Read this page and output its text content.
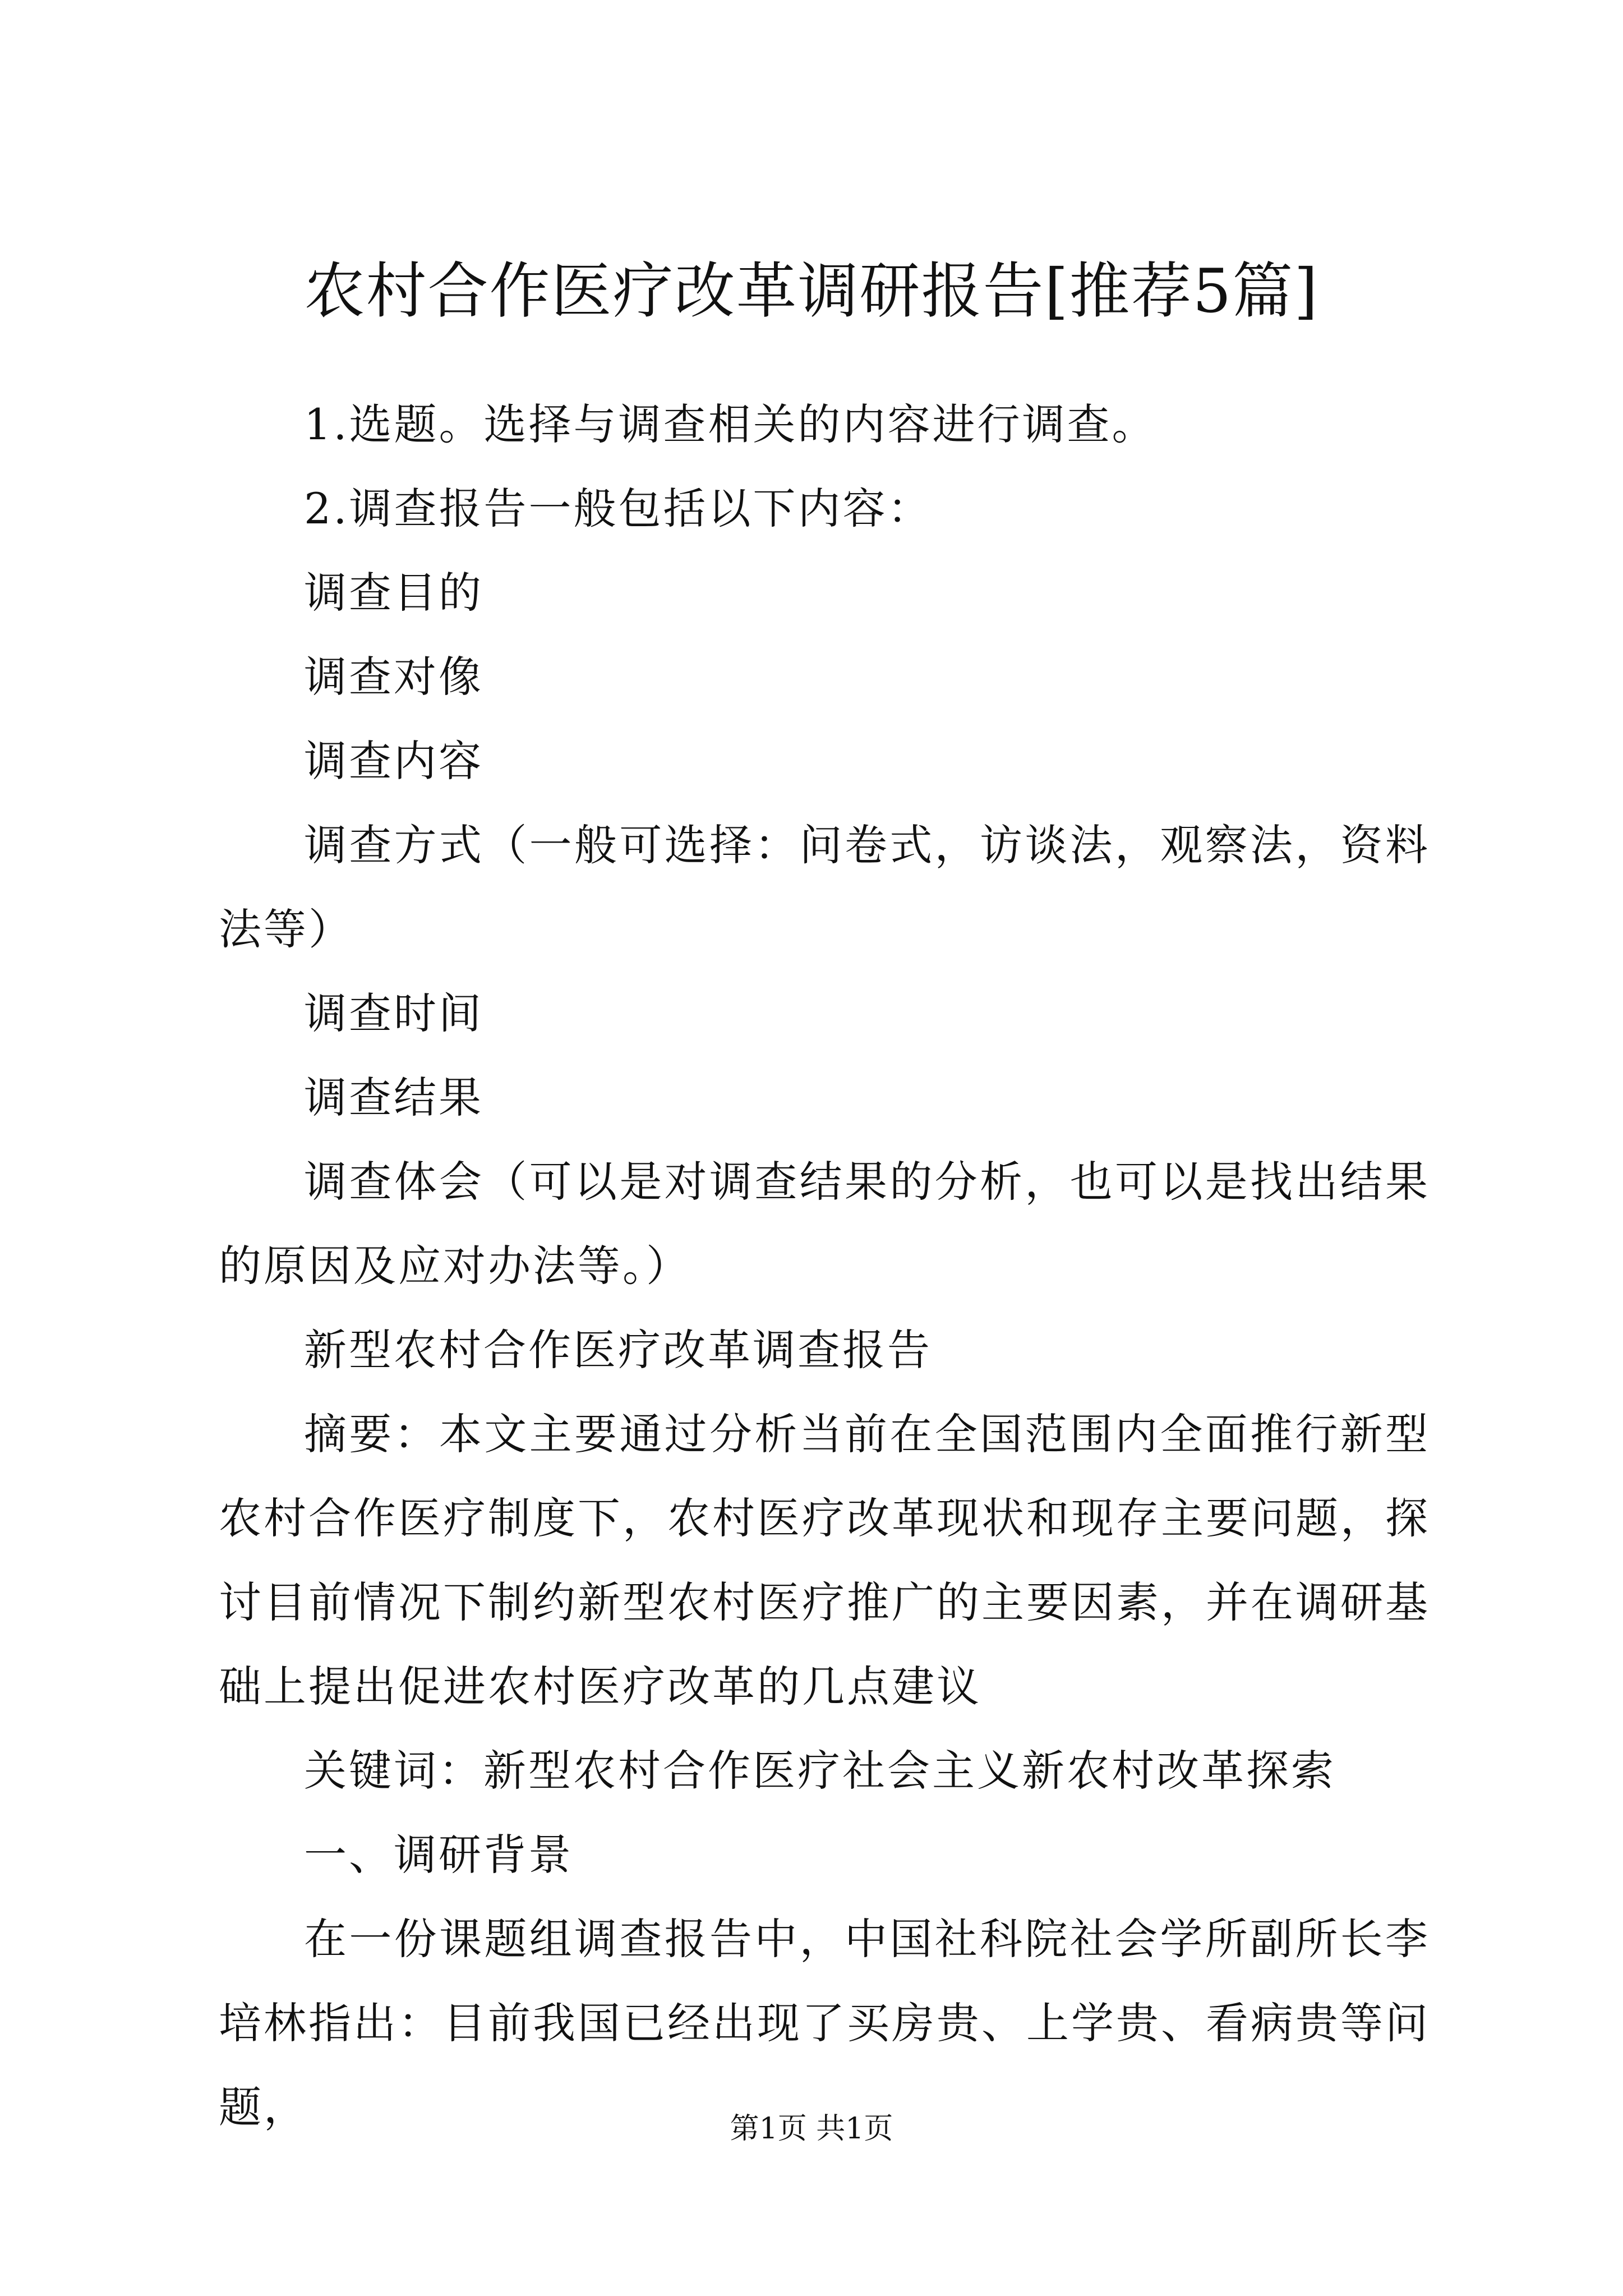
农村合作医疗改革调研报告[推荐5篇]

1.选题。选择与调查相关的内容进行调查。

2.调查报告一般包括以下内容：

调查目的

调查对像

调查内容

调查方式（一般可选择：问卷式，访谈法，观察法，资料法等）

调查时间

调查结果

调查体会（可以是对调查结果的分析，也可以是找出结果的原因及应对办法等。）

新型农村合作医疗改革调查报告

摘要：本文主要通过分析当前在全国范围内全面推行新型农村合作医疗制度下，农村医疗改革现状和现存主要问题，探讨目前情况下制约新型农村医疗推广的主要因素，并在调研基础上提出促进农村医疗改革的几点建议

关键词：新型农村合作医疗社会主义新农村改革探索

一、调研背景

在一份课题组调查报告中，中国社科院社会学所副所长李培林指出：目前我国已经出现了买房贵、上学贵、看病贵等问题，	第1页 共1页
